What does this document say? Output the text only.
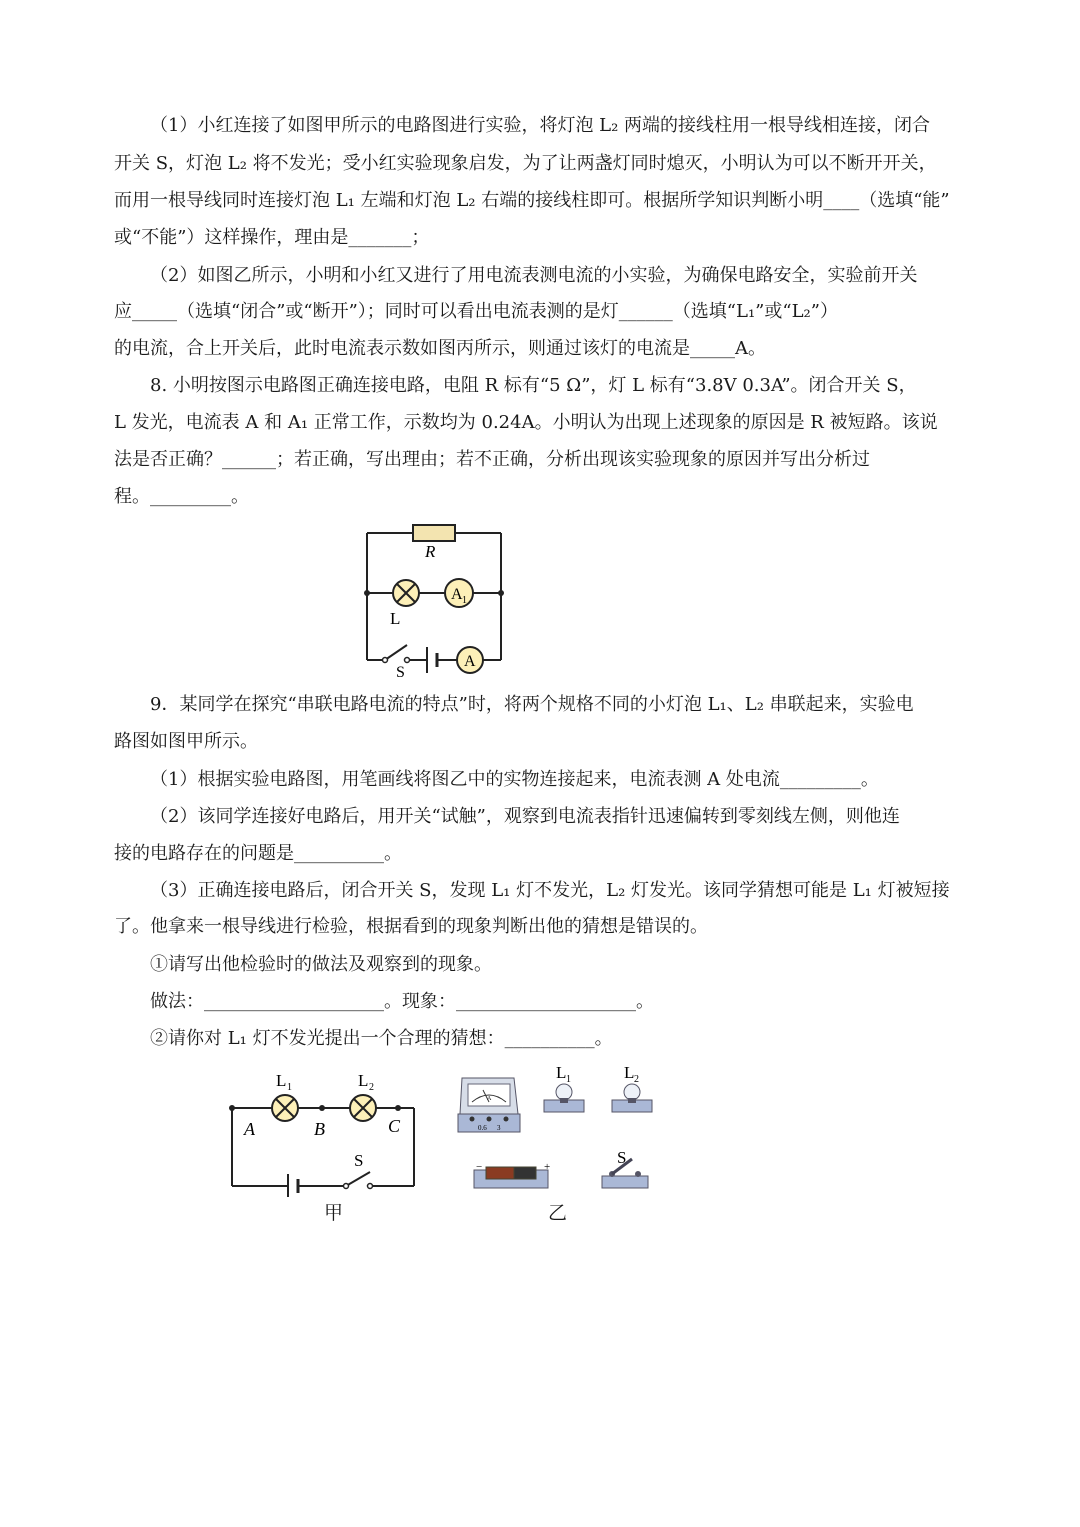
（1）小红连接了如图甲所示的电路图进行实验，将灯泡 L₂ 两端的接线柱用一根导线相连接，闭合
开关 S，灯泡 L₂ 将不发光；受小红实验现象启发，为了让两盏灯同时熄灭，小明认为可以不断开开关，
而用一根导线同时连接灯泡 L₁ 左端和灯泡 L₂ 右端的接线柱即可。根据所学知识判断小明____（选填“能”
或“不能”）这样操作，理由是_______；
（2）如图乙所示，小明和小红又进行了用电流表测电流的小实验，为确保电路安全，实验前开关
应_____（选填“闭合”或“断开”）；同时可以看出电流表测的是灯______（选填“L₁”或“L₂”）
的电流，合上开关后，此时电流表示数如图丙所示，则通过该灯的电流是_____A。
8. 小明按图示电路图正确连接电路，电阻 R 标有“5 Ω”，灯 L 标有“3.8V 0.3A”。闭合开关 S，
L 发光，电流表 A 和 A₁ 正常工作，示数均为 0.24A。小明认为出现上述现象的原因是 R 被短路。该说
法是否正确？______；若正确，写出理由；若不正确，分析出现该实验现象的原因并写出分析过
程。_________。
R
L
A 1
S
A
9．某同学在探究“串联电路电流的特点”时，将两个规格不同的小灯泡 L₁、L₂ 串联起来，实验电
路图如图甲所示。
（1）根据实验电路图，用笔画线将图乙中的实物连接起来，电流表测 A 处电流_________。
（2）该同学连接好电路后，用开关“试触”，观察到电流表指针迅速偏转到零刻线左侧，则他连
接的电路存在的问题是__________。
（3）正确连接电路后，闭合开关 S，发现 L₁ 灯不发光，L₂ 灯发光。该同学猜想可能是 L₁ 灯被短接
了。他拿来一根导线进行检验，根据看到的现象判断出他的猜想是错误的。
①请写出他检验时的做法及观察到的现象。
做法：____________________。现象：____________________。
②请你对 L₁ 灯不发光提出一个合理的猜想：__________。
L 1	L 2
A	B	C
S
甲
A
0.6 3
L 1	L 2
−	+	S
乙
